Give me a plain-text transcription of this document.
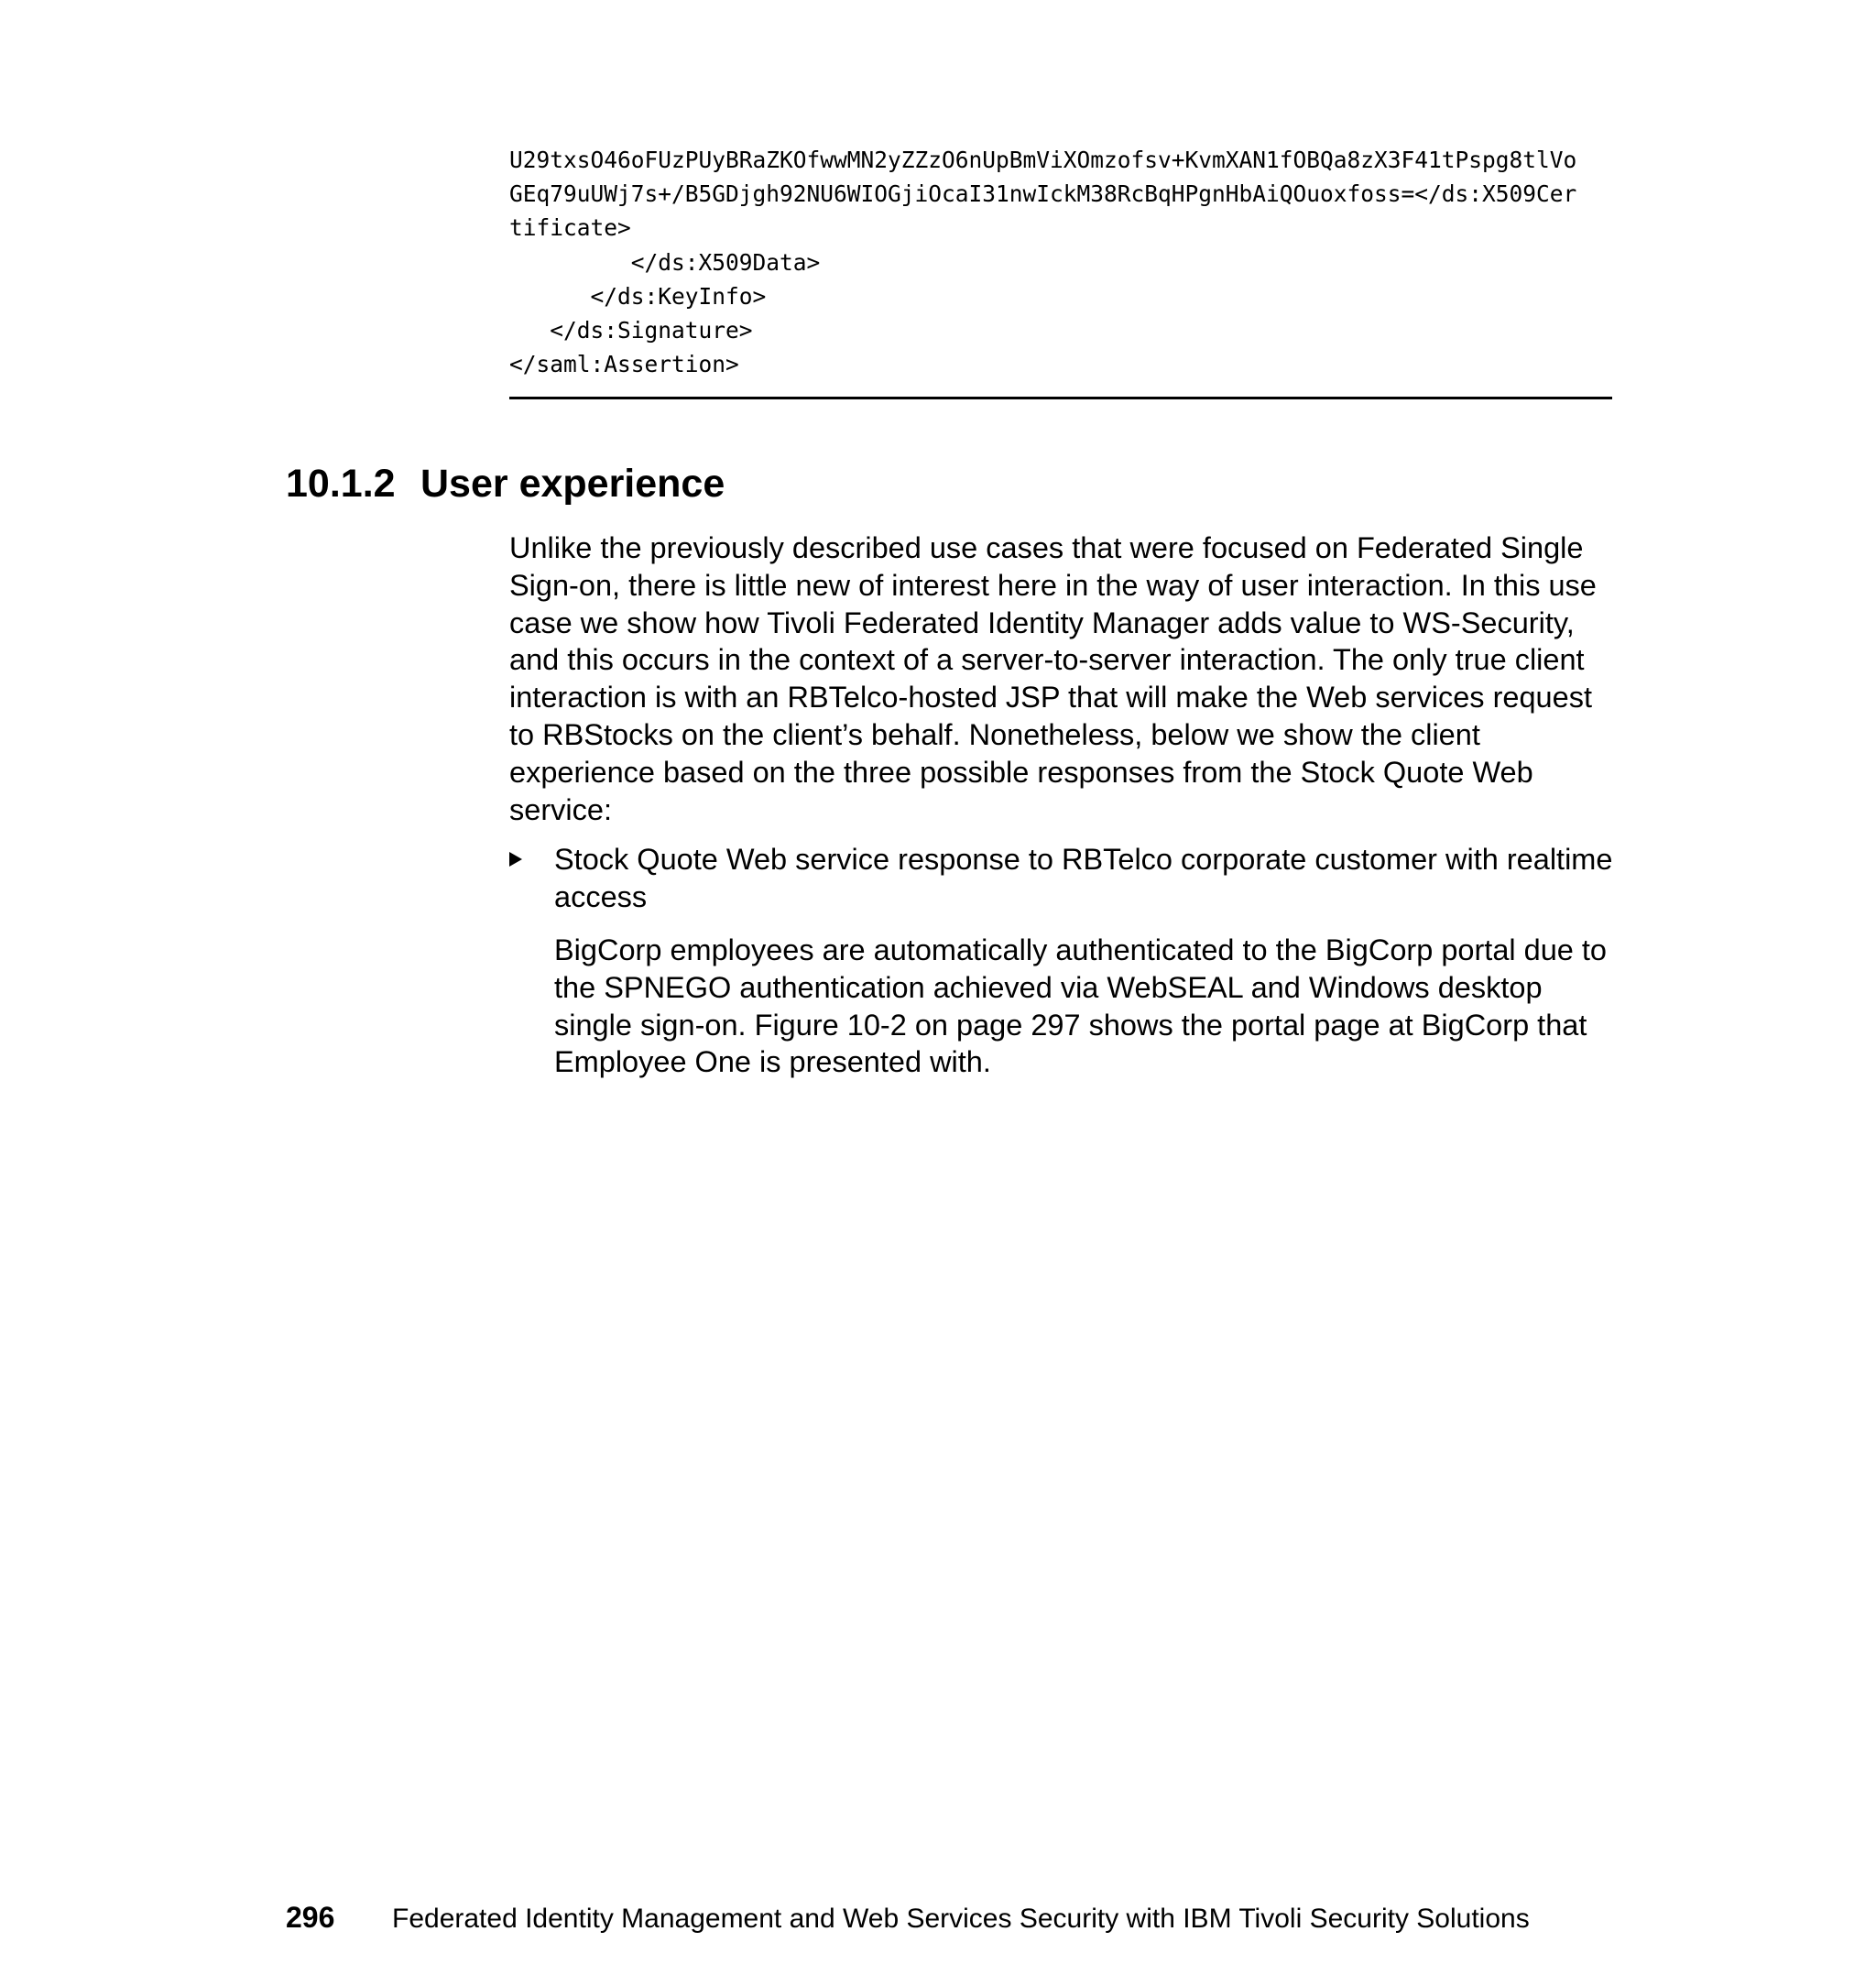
U29txsO46oFUzPUyBRaZKOfwwMN2yZZzO6nUpBmViXOmzofsv+KvmXAN1fOBQa8zX3F41tPspg8tlVo
GEq79uUWj7s+/B5GDjgh92NU6WIOGjiOcaI31nwIckM38RcBqHPgnHbAiQOuoxfoss=</ds:X509Cer
tificate>
</ds:X509Data>
</ds:KeyInfo>
</ds:Signature>
</saml:Assertion>
10.1.2 User experience

Unlike the previously described use cases that were focused on Federated Single Sign-on, there is little new of interest here in the way of user interaction. In this use case we show how Tivoli Federated Identity Manager adds value to WS-Security, and this occurs in the context of a server-to-server interaction. The only true client interaction is with an RBTelco-hosted JSP that will make the Web services request to RBStocks on the client’s behalf. Nonetheless, below we show the client experience based on the three possible responses from the Stock Quote Web service:

Stock Quote Web service response to RBTelco corporate customer with realtime access

BigCorp employees are automatically authenticated to the BigCorp portal due to the SPNEGO authentication achieved via WebSEAL and Windows desktop single sign-on. Figure 10-2 on page 297 shows the portal page at BigCorp that Employee One is presented with.

296 Federated Identity Management and Web Services Security with IBM Tivoli Security Solutions
